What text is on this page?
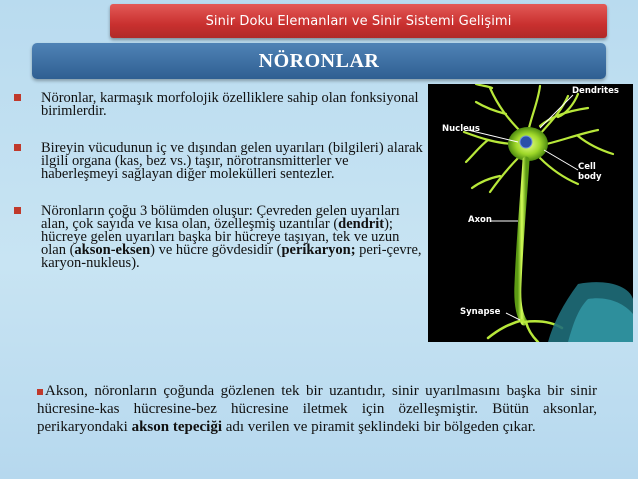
Sinir Doku Elemanları ve Sinir Sistemi Gelişimi
NÖRONLAR
Nöronlar, karmaşık morfolojik özelliklere sahip olan fonksiyonal birimlerdir.
Bireyin vücudunun iç ve dışından gelen uyarıları (bilgileri) alarak ilgili organa (kas, bez vs.) taşır, nörotransmitterler ve haberleşmeyi sağlayan diğer molekülleri sentezler.
Nöronların çoğu 3 bölümden oluşur: Çevreden gelen uyarıları alan, çok sayıda ve kısa olan, özelleşmiş uzantılar (dendrit); hücreye gelen uyarıları başka bir hücreye taşıyan, tek ve uzun olan (akson-eksen) ve hücre gövdesidir (perikaryon; peri-çevre, karyon-nukleus).
Dendrites
Nucleus
Cell
body
Axon
Synapse
Akson, nöronların çoğunda gözlenen tek bir uzantıdır, sinir uyarılmasını başka bir sinir hücresine-kas hücresine-bez hücresine iletmek için özelleşmiştir. Bütün aksonlar, perikaryondaki akson tepeciği adı verilen ve piramit şeklindeki bir bölgeden çıkar.
